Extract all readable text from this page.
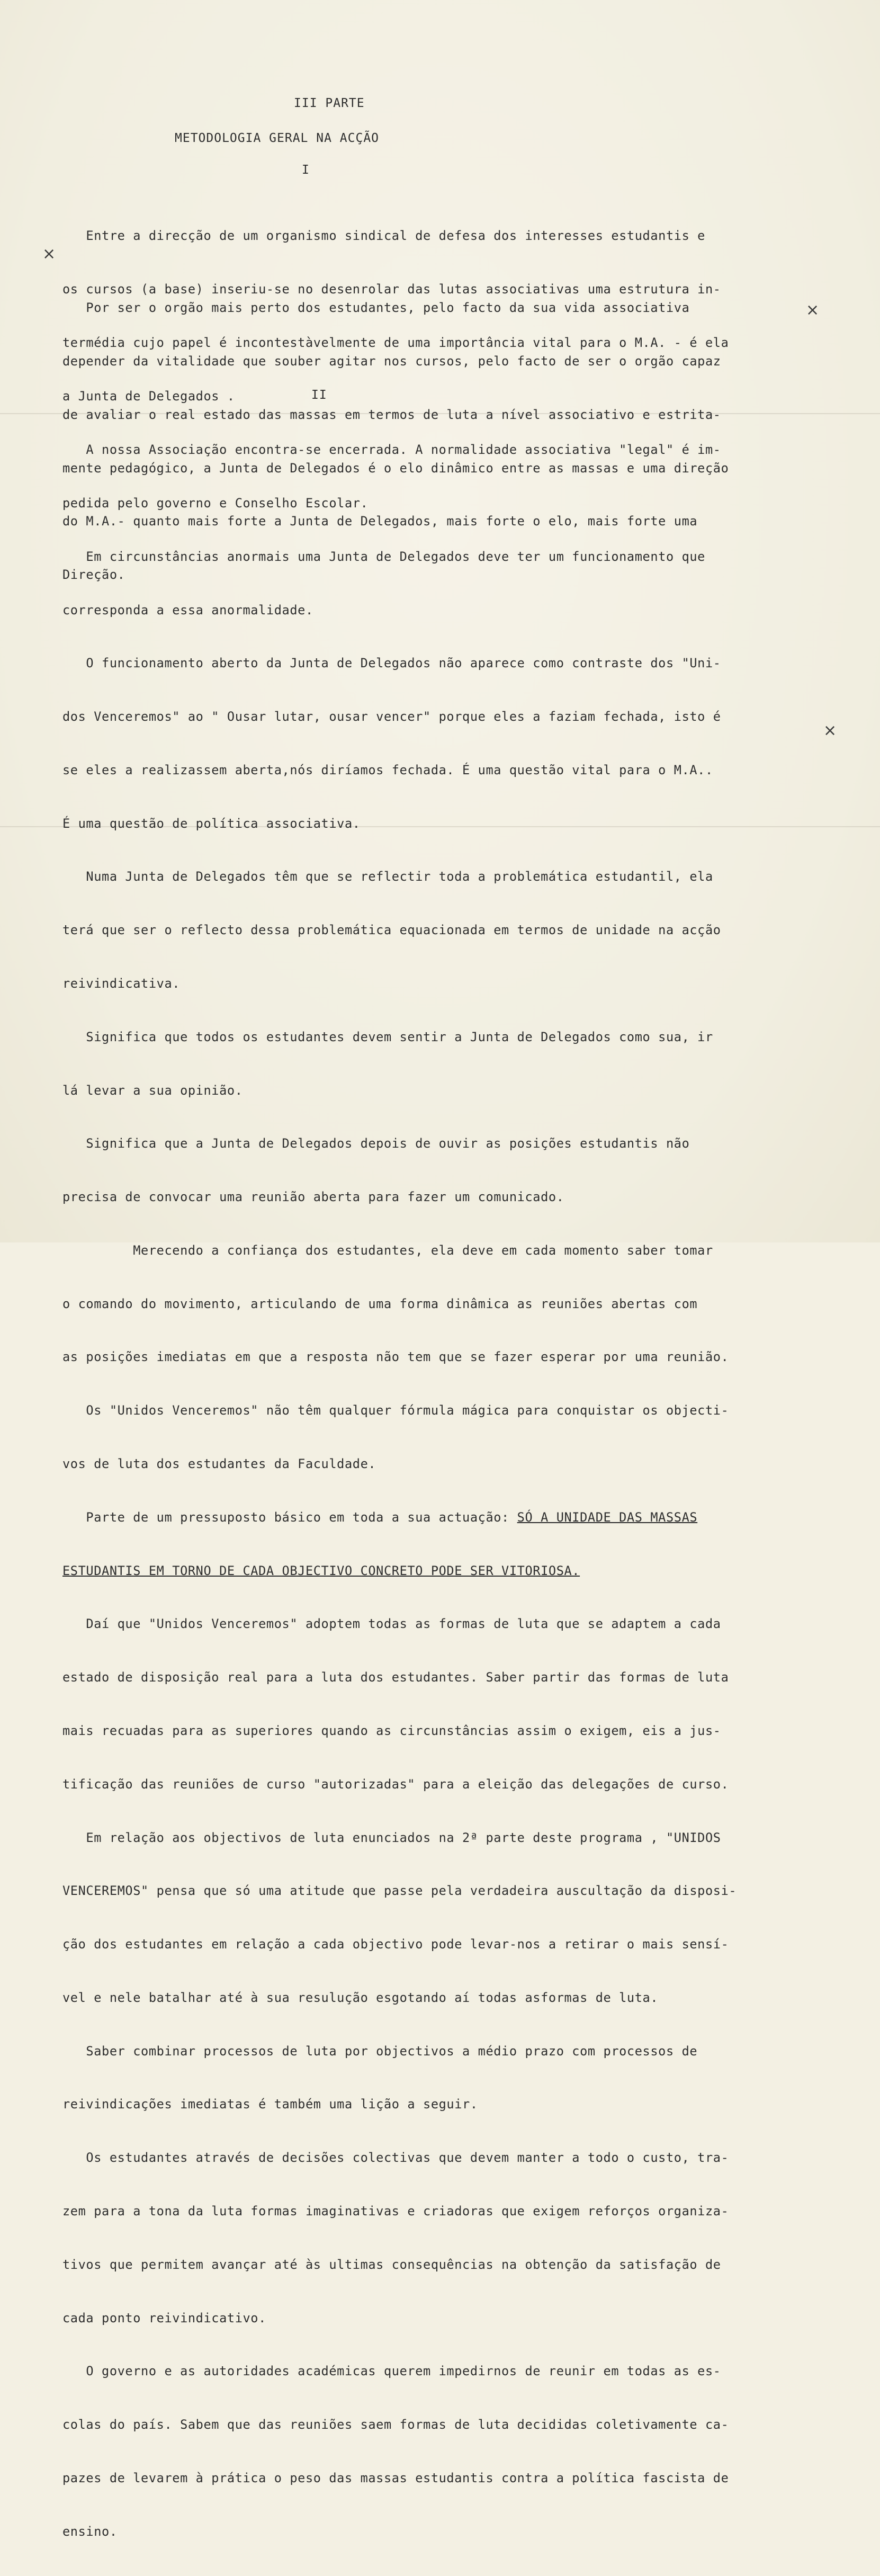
III PARTE
METODOLOGIA GERAL NA ACÇÃO
I

Entre a direcção de um organismo sindical de defesa dos interesses estudantis e

os cursos (a base) inseriu-se no desenrolar das lutas associativas uma estrutura in-

termédia cujo papel é incontestàvelmente de uma importância vital para o M.A. - é ela

a Junta de Delegados .

Por ser o orgão mais perto dos estudantes, pelo facto da sua vida associativa

depender da vitalidade que souber agitar nos cursos, pelo facto de ser o orgão capaz

de avaliar o real estado das massas em termos de luta a nível associativo e estrita-

mente pedagógico, a Junta de Delegados é o elo dinâmico entre as massas e uma direção

do M.A.- quanto mais forte a Junta de Delegados, mais forte o elo, mais forte uma

Direção.

II

A nossa Associação encontra-se encerrada. A normalidade associativa "legal" é im-

pedida pelo governo e Conselho Escolar.

Em circunstâncias anormais uma Junta de Delegados deve ter um funcionamento que

corresponda a essa anormalidade.

O funcionamento aberto da Junta de Delegados não aparece como contraste dos "Uni-

dos Venceremos" ao " Ousar lutar, ousar vencer" porque eles a faziam fechada, isto é

se eles a realizassem aberta,nós diríamos fechada. É uma questão vital para o M.A..

É uma questão de política associativa.

Numa Junta de Delegados têm que se reflectir toda a problemática estudantil, ela

terá que ser o reflecto dessa problemática equacionada em termos de unidade na acção

reivindicativa.

Significa que todos os estudantes devem sentir a Junta de Delegados como sua, ir

lá levar a sua opinião.

Significa que a Junta de Delegados depois de ouvir as posições estudantis não

precisa de convocar uma reunião aberta para fazer um comunicado.

Merecendo a confiança dos estudantes, ela deve em cada momento saber tomar

o comando do movimento, articulando de uma forma dinâmica as reuniões abertas com

as posições imediatas em que a resposta não tem que se fazer esperar por uma reunião.

Os "Unidos Venceremos" não têm qualquer fórmula mágica para conquistar os objecti-

vos de luta dos estudantes da Faculdade.

Parte de um pressuposto básico em toda a sua actuação: SÓ A UNIDADE DAS MASSAS

ESTUDANTIS EM TORNO DE CADA OBJECTIVO CONCRETO PODE SER VITORIOSA.

Daí que "Unidos Venceremos" adoptem todas as formas de luta que se adaptem a cada

estado de disposição real para a luta dos estudantes. Saber partir das formas de luta

mais recuadas para as superiores quando as circunstâncias assim o exigem, eis a jus-

tificação das reuniões de curso "autorizadas" para a eleição das delegações de curso.

Em relação aos objectivos de luta enunciados na 2ª parte deste programa , "UNIDOS

VENCEREMOS" pensa que só uma atitude que passe pela verdadeira auscultação da disposi-

ção dos estudantes em relação a cada objectivo pode levar-nos a retirar o mais sensí-

vel e nele batalhar até à sua resulução esgotando aí todas asformas de luta.

Saber combinar processos de luta por objectivos a médio prazo com processos de

reivindicações imediatas é também uma lição a seguir.

Os estudantes através de decisões colectivas que devem manter a todo o custo, tra-

zem para a tona da luta formas imaginativas e criadoras que exigem reforços organiza-

tivos que permitem avançar até às ultimas consequências na obtenção da satisfação de

cada ponto reivindicativo.

O governo e as autoridades académicas querem impedirnos de reunir em todas as es-

colas do país. Sabem que das reuniões saem formas de luta decididas coletivamente ca-

pazes de levarem à prática o peso das massas estudantis contra a política fascista de

ensino.

×
×
×
